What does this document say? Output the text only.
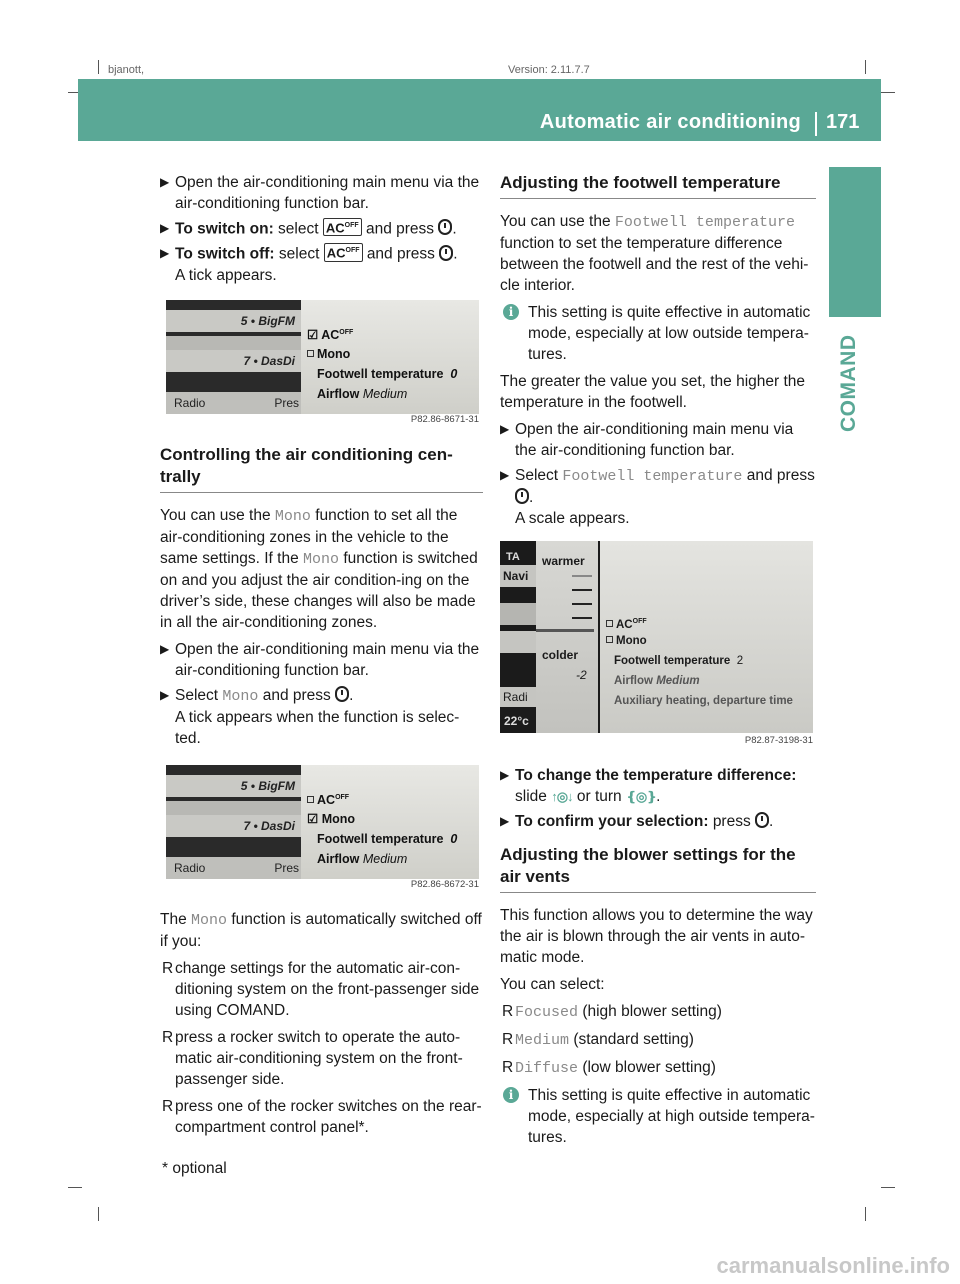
bjanott,	Version: 2.11.7.7
Automatic air conditioning 171
COMAND
▶ Open the air-conditioning main menu via the air-conditioning function bar.
▶ To switch on: select $AC^{OFF}$ and press .
▶ To switch off: select $AC^{OFF}$ and press .
A tick appears.
5 • BigFM
7 • DasDi
Radio	Pres
☑ $AC^{OFF}$
Mono
Footwell temperature 0
Airflow Medium
P82.86-8671-31
Controlling the air conditioning cen-trally

You can use the Mono function to set all the air-conditioning zones in the vehicle to the same settings. If the Mono function is switched on and you adjust the air condition-ing on the driver’s side, these changes will also be made in all the air-conditioning zones.

▶ Open the air-conditioning main menu via the air-conditioning function bar.
▶ Select Mono and press .
A tick appears when the function is selec-ted.
5 • BigFM
7 • DasDi
Radio	Pres
$AC^{OFF}$
☑ Mono
Footwell temperature 0
Airflow Medium
P82.86-8672-31

The Mono function is automatically switched off if you:

R change settings for the automatic air-con-ditioning system on the front-passenger side using COMAND.
R press a rocker switch to operate the auto-matic air-conditioning system on the front-passenger side.
R press one of the rocker switches on the rear-compartment control panel*.
Adjusting the footwell temperature

You can use the Footwell temperature function to set the temperature difference between the footwell and the rest of the vehi-cle interior.

i This setting is quite effective in automatic mode, especially at low outside tempera-tures.

The greater the value you set, the higher the temperature in the footwell.

▶ Open the air-conditioning main menu via the air-conditioning function bar.
▶ Select Footwell temperature and press
.
A scale appears.
TA
Navi
Radi
22°c
warmer
colder
-2
$AC^{OFF}$
Mono
Footwell temperature 2
Airflow Medium
Auxiliary heating, departure time
P82.87-3198-31
▶ To change the temperature difference:
slide ↑◎↓ or turn ❴◎❵.
▶ To confirm your selection: press .
Adjusting the blower settings for the air vents

This function allows you to determine the way the air is blown through the air vents in auto-matic mode.

You can select:

R Focused (high blower setting)
R Medium (standard setting)
R Diffuse (low blower setting)
i This setting is quite effective in automatic mode, especially at high outside tempera-tures.
* optional
carmanualsonline.info
